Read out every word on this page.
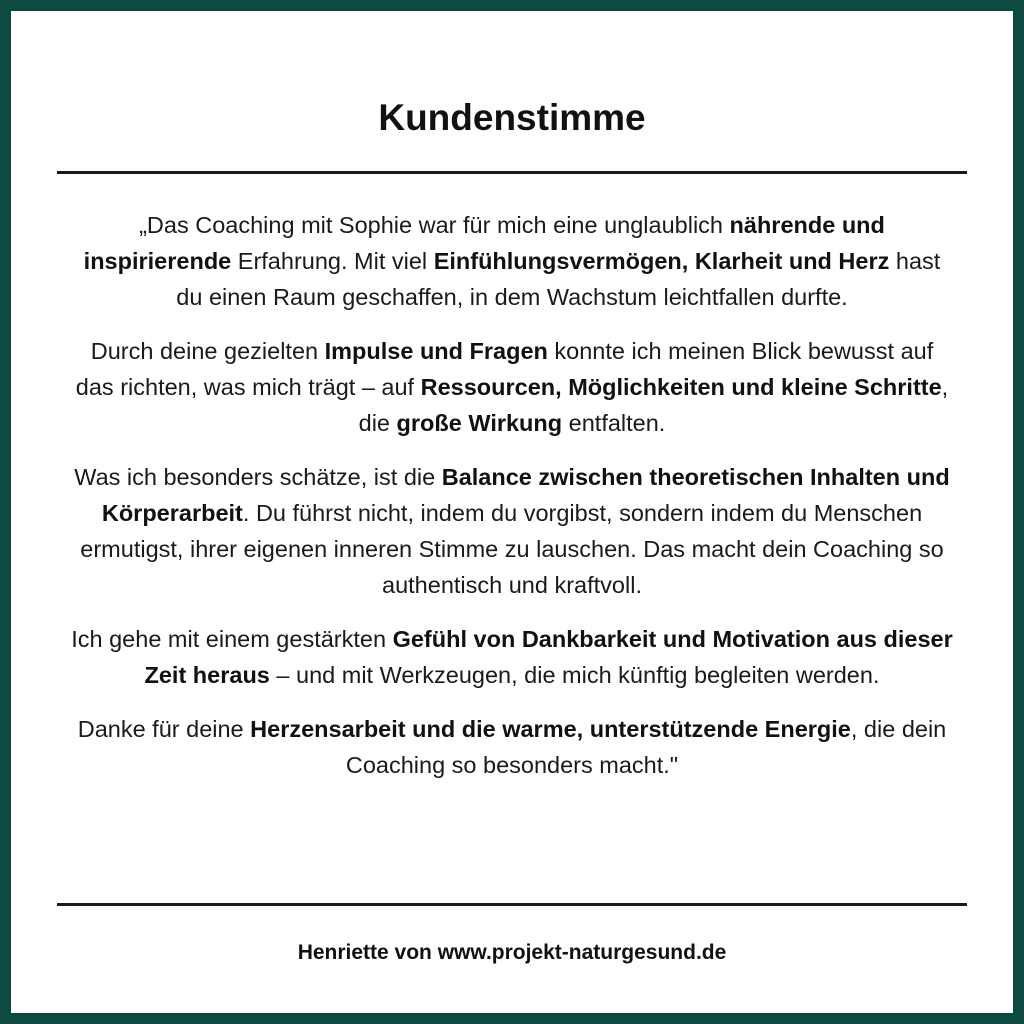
Kundenstimme

„Das Coaching mit Sophie war für mich eine unglaublich nährende und inspirierende Erfahrung. Mit viel Einfühlungsvermögen, Klarheit und Herz hast du einen Raum geschaffen, in dem Wachstum leichtfallen durfte.

Durch deine gezielten Impulse und Fragen konnte ich meinen Blick bewusst auf das richten, was mich trägt – auf Ressourcen, Möglichkeiten und kleine Schritte, die große Wirkung entfalten.

Was ich besonders schätze, ist die Balance zwischen theoretischen Inhalten und Körperarbeit. Du führst nicht, indem du vorgibst, sondern indem du Menschen ermutigst, ihrer eigenen inneren Stimme zu lauschen. Das macht dein Coaching so authentisch und kraftvoll.

Ich gehe mit einem gestärkten Gefühl von Dankbarkeit und Motivation aus dieser Zeit heraus – und mit Werkzeugen, die mich künftig begleiten werden.

Danke für deine Herzensarbeit und die warme, unterstützende Energie, die dein Coaching so besonders macht."

Henriette von www.projekt-naturgesund.de
